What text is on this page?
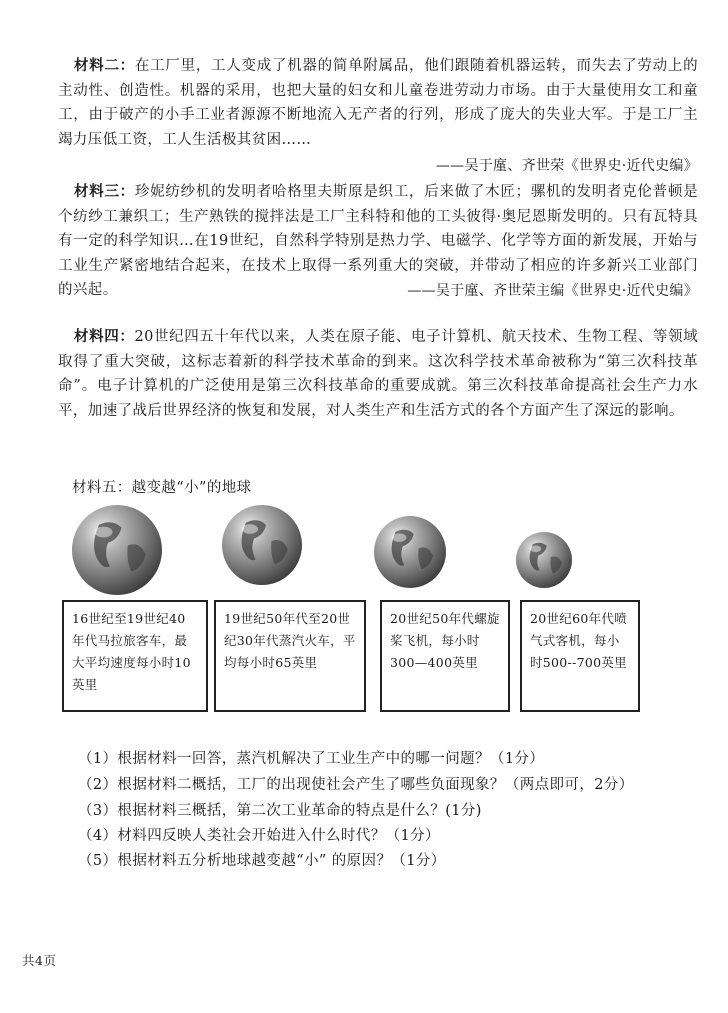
材料二：在工厂里，工人变成了机器的简单附属品，他们跟随着机器运转，而失去了劳动上的主动性、创造性。机器的采用，也把大量的妇女和儿童卷进劳动力市场。由于大量使用女工和童工，由于破产的小手工业者源源不断地流入无产者的行列，形成了庞大的失业大军。于是工厂主竭力压低工资，工人生活极其贫困……

——吴于廑、齐世荣《世界史·近代史编》

材料三：珍妮纺纱机的发明者哈格里夫斯原是织工，后来做了木匠；骡机的发明者克伦普顿是个纺纱工兼织工；生产熟铁的搅拌法是工厂主科特和他的工头彼得·奥尼恩斯发明的。只有瓦特具有一定的科学知识…在19世纪，自然科学特别是热力学、电磁学、化学等方面的新发展，开始与工业生产紧密地结合起来，在技术上取得一系列重大的突破，并带动了相应的许多新兴工业部门的兴起。	——吴于廑、齐世荣主编《世界史·近代史编》

材料四：20世纪四五十年代以来，人类在原子能、电子计算机、航天技术、生物工程、等领域取得了重大突破，这标志着新的科学技术革命的到来。这次科学技术革命被称为“第三次科技革命”。电子计算机的广泛使用是第三次科技革命的重要成就。第三次科技革命提高社会生产力水平，加速了战后世界经济的恢复和发展，对人类生产和生活方式的各个方面产生了深远的影响。

材料五：越变越“小”的地球
16世纪至19世纪40年代马拉旅客车，最大平均速度每小时10英里
19世纪50年代至20世纪30年代蒸汽火车，平均每小时65英里
20世纪50年代螺旋桨飞机，每小时300—400英里
20世纪60年代喷气式客机，每小时500--700英里
（1）根据材料一回答，蒸汽机解决了工业生产中的哪一问题？（1分）
（2）根据材料二概括，工厂的出现使社会产生了哪些负面现象？（两点即可，2分）
（3）根据材料三概括，第二次工业革命的特点是什么？(1分)
（4）材料四反映人类社会开始进入什么时代？（1分）
（5）根据材料五分析地球越变越“小” 的原因？（1分）
共4页
